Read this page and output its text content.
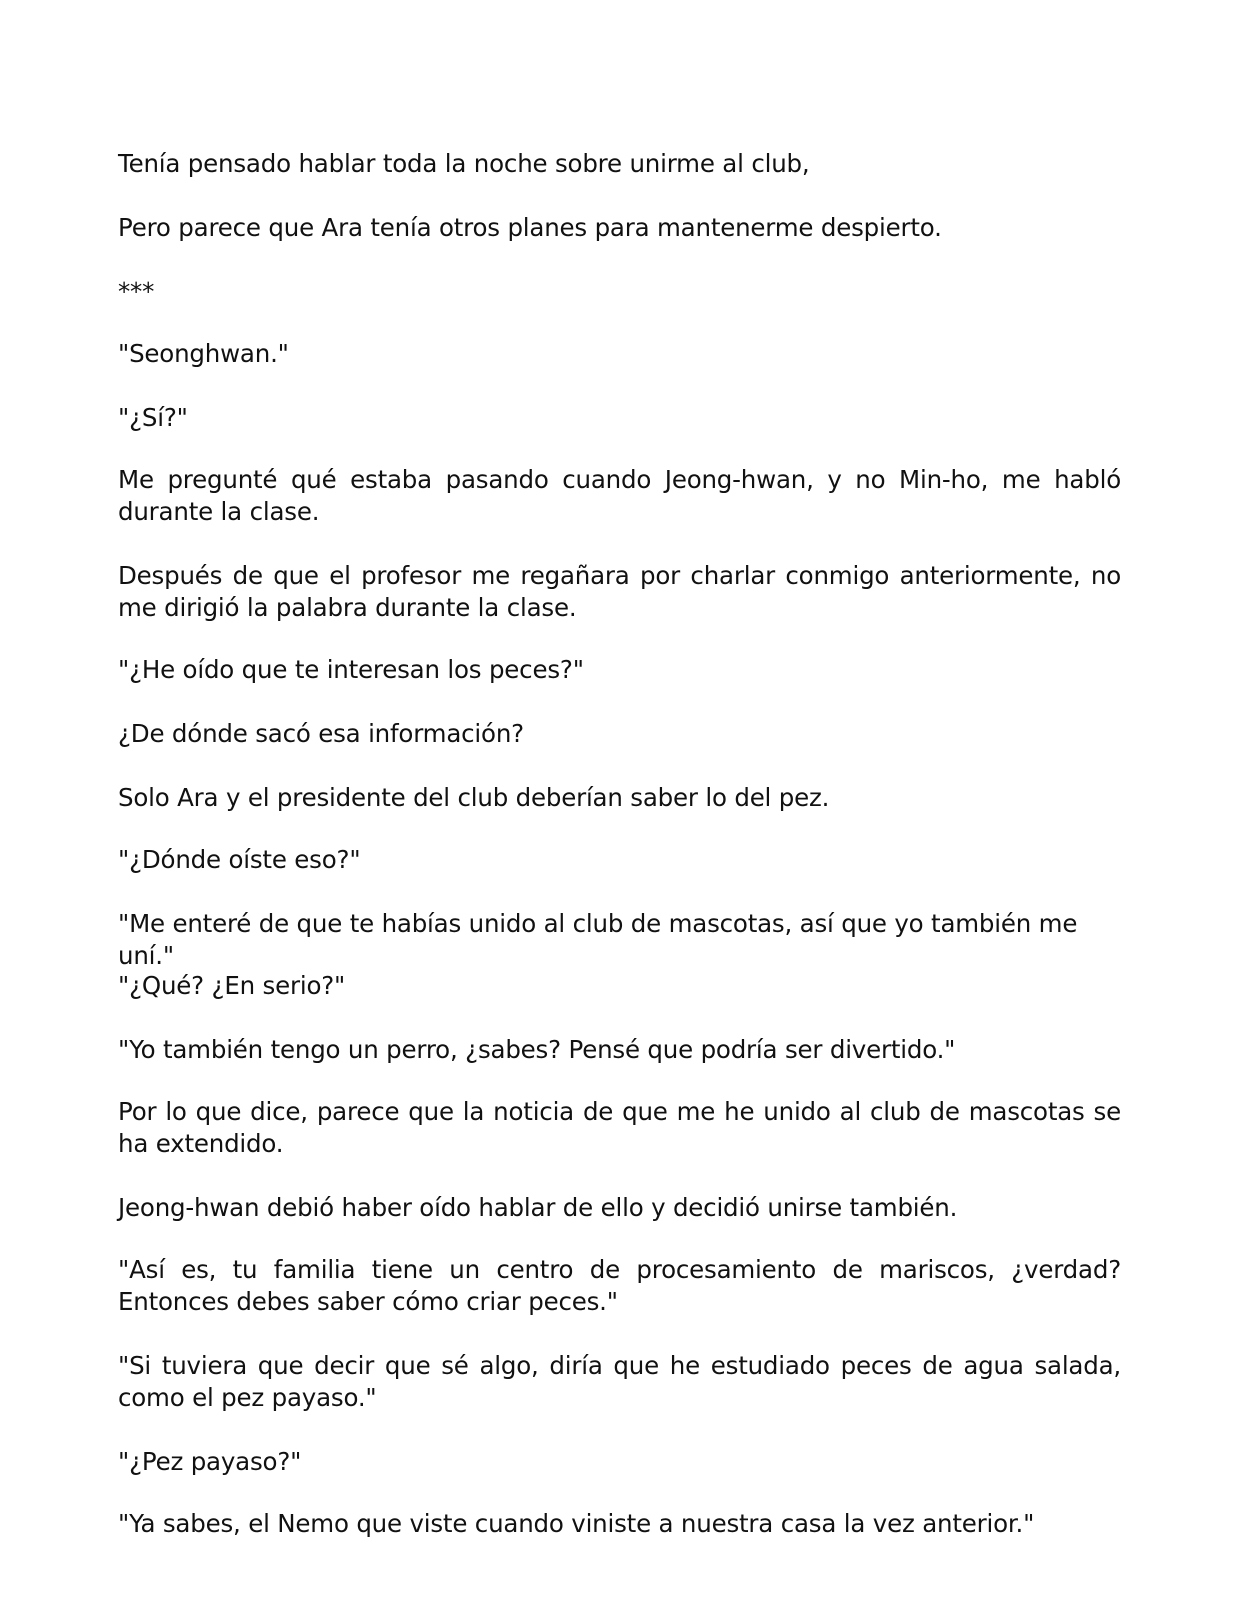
Tenía pensado hablar toda la noche sobre unirme al club,

Pero parece que Ara tenía otros planes para mantenerme despierto.

***

"Seonghwan."

"¿Sí?"

Me pregunté qué estaba pasando cuando Jeong-hwan, y no Min-ho, me habló durante la clase.

Después de que el profesor me regañara por charlar conmigo anteriormente, no me dirigió la palabra durante la clase.

"¿He oído que te interesan los peces?"

¿De dónde sacó esa información?

Solo Ara y el presidente del club deberían saber lo del pez.

"¿Dónde oíste eso?"

"Me enteré de que te habías unido al club de mascotas, así que yo también me uní."

"¿Qué? ¿En serio?"

"Yo también tengo un perro, ¿sabes? Pensé que podría ser divertido."

Por lo que dice, parece que la noticia de que me he unido al club de mascotas se ha extendido.

Jeong-hwan debió haber oído hablar de ello y decidió unirse también.

"Así es, tu familia tiene un centro de procesamiento de mariscos, ¿verdad? Entonces debes saber cómo criar peces."

"Si tuviera que decir que sé algo, diría que he estudiado peces de agua salada, como el pez payaso."

"¿Pez payaso?"

"Ya sabes, el Nemo que viste cuando viniste a nuestra casa la vez anterior."
